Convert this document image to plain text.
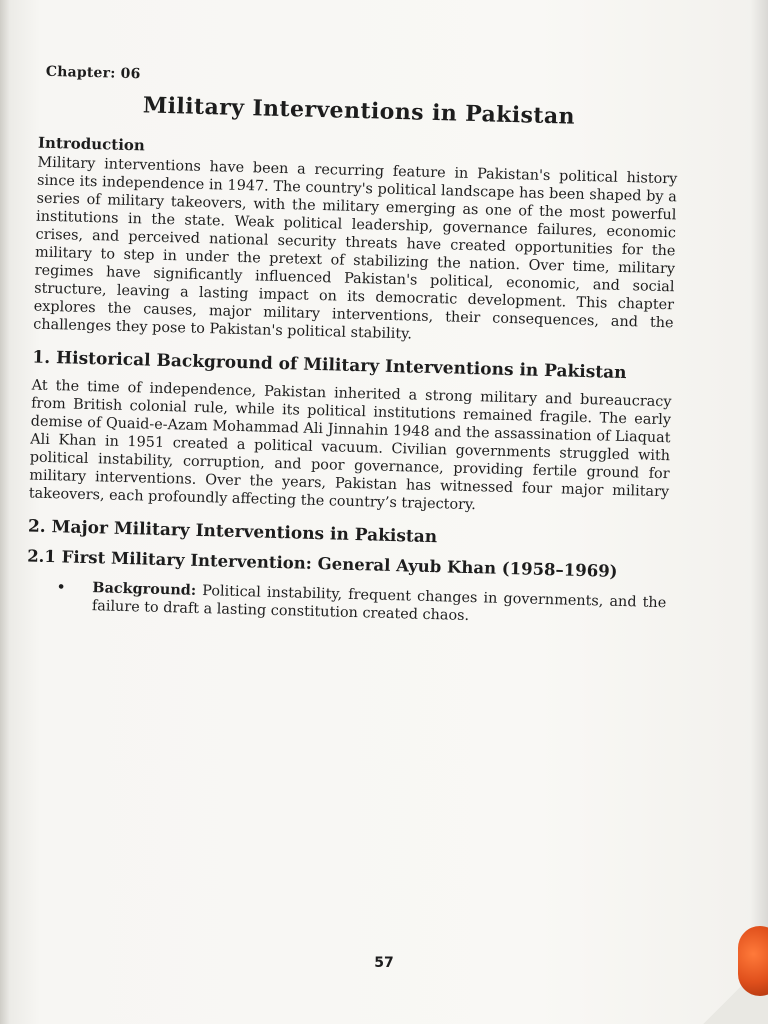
Chapter: 06
Military Interventions in Pakistan
Introduction

Military interventions have been a recurring feature in Pakistan's political history since its independence in 1947. The country's political landscape has been shaped by a series of military takeovers, with the military emerging as one of the most powerful institutions in the state. Weak political leadership, governance failures, economic crises, and perceived national security threats have created opportunities for the military to step in under the pretext of stabilizing the nation. Over time, military regimes have significantly influenced Pakistan's political, economic, and social structure, leaving a lasting impact on its democratic development. This chapter explores the causes, major military interventions, their consequences, and the challenges they pose to Pakistan's political stability.

1. Historical Background of Military Interventions in Pakistan

At the time of independence, Pakistan inherited a strong military and bureaucracy from British colonial rule, while its political institutions remained fragile. The early demise of Quaid-e-Azam Mohammad Ali Jinnahin 1948 and the assassination of Liaquat Ali Khan in 1951 created a political vacuum. Civilian governments struggled with political instability, corruption, and poor governance, providing fertile ground for military interventions. Over the years, Pakistan has witnessed four major military takeovers, each profoundly affecting the country’s trajectory.

2. Major Military Interventions in Pakistan
2.1 First Military Intervention: General Ayub Khan (1958–1969)
•	Background: Political instability, frequent changes in governments, and the failure to draft a lasting constitution created chaos.
57
